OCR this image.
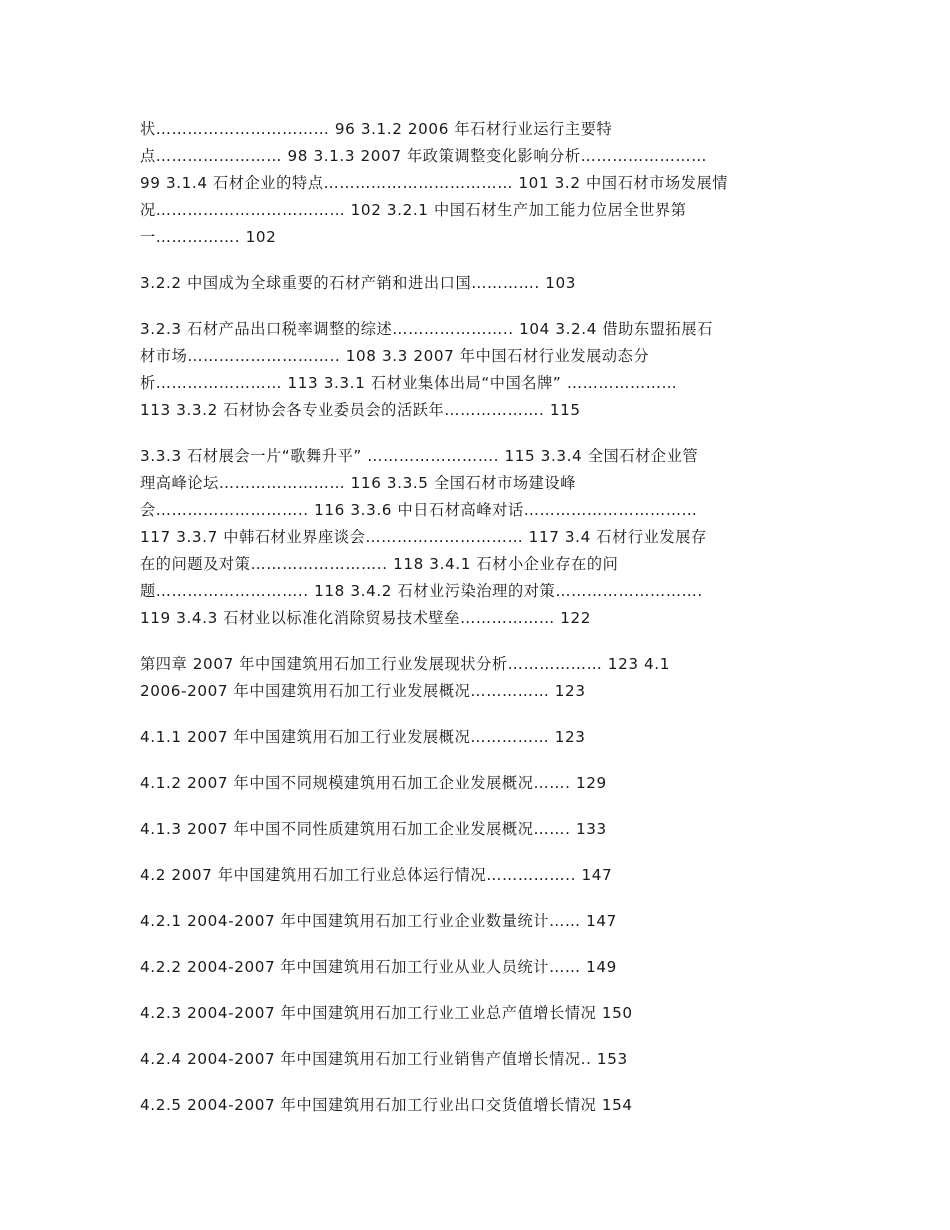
状…………………………… 96 3.1.2 2006 年石材行业运行主要特
点…………………… 98 3.1.3 2007 年政策调整变化影响分析……………………
99 3.1.4 石材企业的特点……………………………… 101 3.2 中国石材市场发展情
况……………………………… 102 3.2.1 中国石材生产加工能力位居全世界第
一……………. 102
3.2.2 中国成为全球重要的石材产销和进出口国…………. 103
3.2.3 石材产品出口税率调整的综述………………….. 104 3.2.4 借助东盟拓展石
材市场……………………….. 108 3.3 2007 年中国石材行业发展动态分
析…………………… 113 3.3.1 石材业集体出局“中国名牌” …………………
113 3.3.2 石材协会各专业委员会的活跃年………………. 115
3.3.3 石材展会一片“歌舞升平” ……………………. 115 3.3.4 全国石材企业管
理高峰论坛…………………… 116 3.3.5 全国石材市场建设峰
会……………………….. 116 3.3.6 中日石材高峰对话……………………………
117 3.3.7 中韩石材业界座谈会………………………… 117 3.4 石材行业发展存
在的问题及对策…………………….. 118 3.4.1 石材小企业存在的问
题……………………….. 118 3.4.2 石材业污染治理的对策……………………….
119 3.4.3 石材业以标准化消除贸易技术壁垒……………… 122
第四章 2007 年中国建筑用石加工行业发展现状分析……………… 123 4.1
2006-2007 年中国建筑用石加工行业发展概况…………… 123
4.1.1 2007 年中国建筑用石加工行业发展概况…………… 123
4.1.2 2007 年中国不同规模建筑用石加工企业发展概况……. 129
4.1.3 2007 年中国不同性质建筑用石加工企业发展概况……. 133
4.2 2007 年中国建筑用石加工行业总体运行情况…………….. 147
4.2.1 2004-2007 年中国建筑用石加工行业企业数量统计…… 147
4.2.2 2004-2007 年中国建筑用石加工行业从业人员统计…… 149
4.2.3 2004-2007 年中国建筑用石加工行业工业总产值增长情况 150
4.2.4 2004-2007 年中国建筑用石加工行业销售产值增长情况.. 153
4.2.5 2004-2007 年中国建筑用石加工行业出口交货值增长情况 154
